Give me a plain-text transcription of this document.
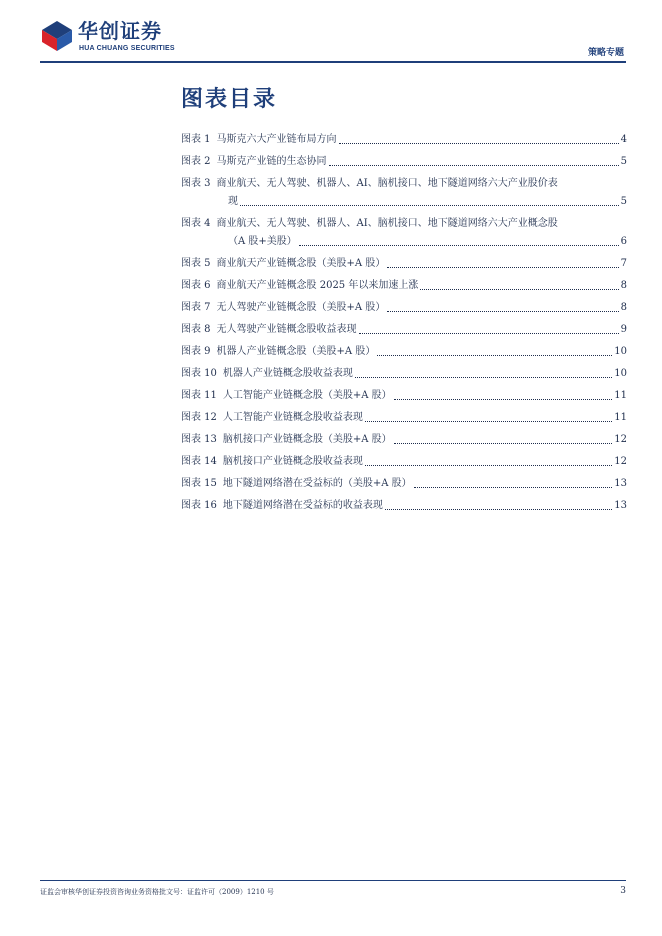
华创证券
HUA CHUANG SECURITIES	策略专题
图表目录
图表 1 马斯克六大产业链布局方向	4
图表 2 马斯克产业链的生态协同	5
图表 3 商业航天、无人驾驶、机器人、AI、脑机接口、地下隧道网络六大产业股价表
现	5
图表 4 商业航天、无人驾驶、机器人、AI、脑机接口、地下隧道网络六大产业概念股
（A 股+美股）	6
图表 5 商业航天产业链概念股（美股+A 股）	7
图表 6 商业航天产业链概念股 2025 年以来加速上涨	8
图表 7 无人驾驶产业链概念股（美股+A 股）	8
图表 8 无人驾驶产业链概念股收益表现	9
图表 9 机器人产业链概念股（美股+A 股）	10
图表 10 机器人产业链概念股收益表现	10
图表 11 人工智能产业链概念股（美股+A 股）	11
图表 12 人工智能产业链概念股收益表现	11
图表 13 脑机接口产业链概念股（美股+A 股）	12
图表 14 脑机接口产业链概念股收益表现	12
图表 15 地下隧道网络潜在受益标的（美股+A 股）	13
图表 16 地下隧道网络潜在受益标的收益表现	13
证监会审核华创证券投资咨询业务资格批文号：证监许可（2009）1210 号	3
